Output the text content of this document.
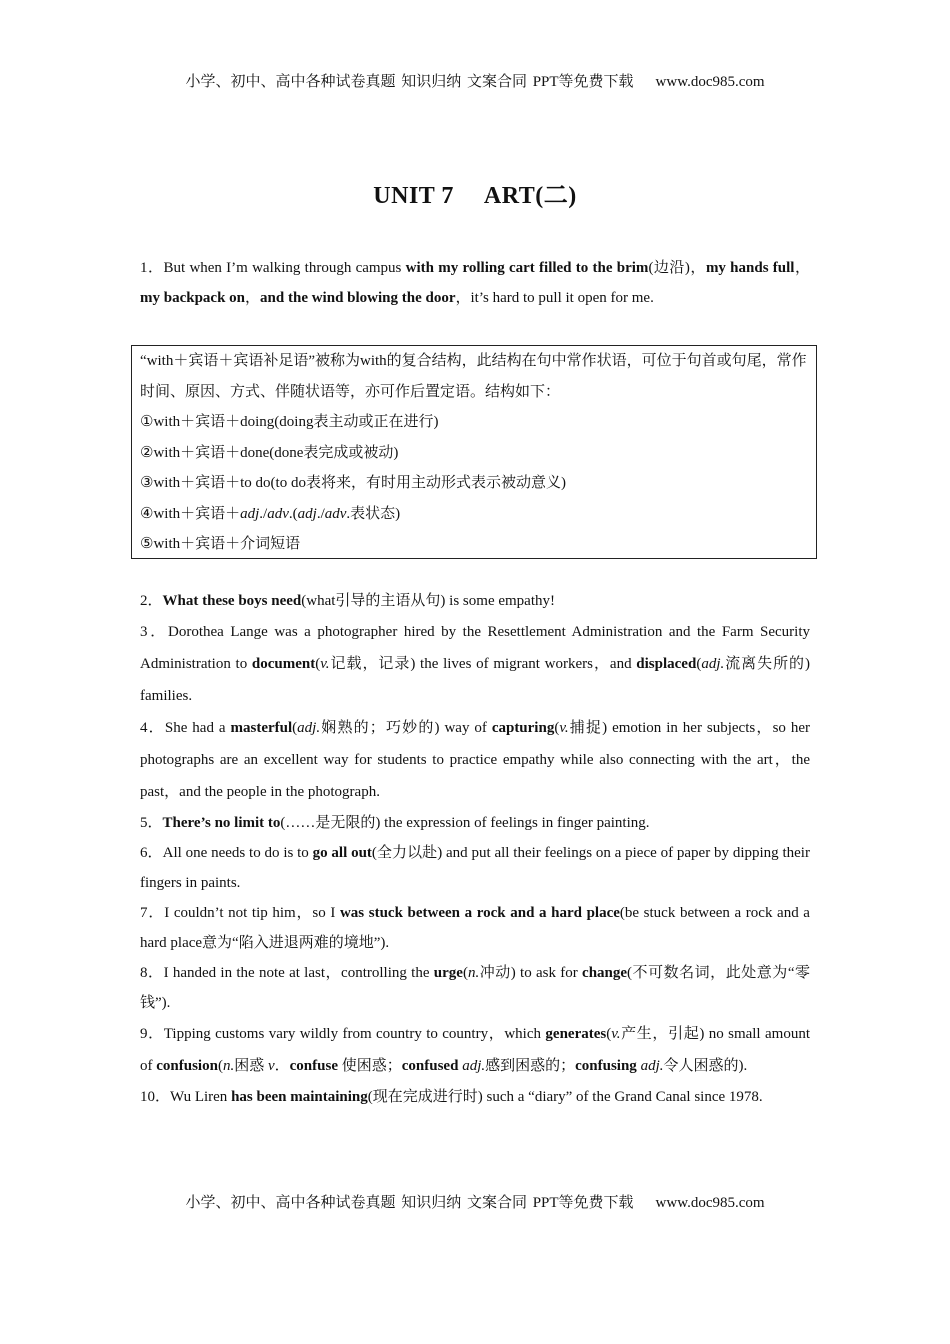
小学、初中、高中各种试卷真题 知识归纳 文案合同 PPT等免费下载 www.doc985.com
UNIT 7 ART(二)

1．But when I’m walking through campus with my rolling cart filled to the brim(边沿)，my hands full，my backpack on，and the wind blowing the door，it’s hard to pull it open for me.

“with＋宾语＋宾语补足语”被称为with的复合结构，此结构在句中常作状语，可位于句首或句尾，常作时间、原因、方式、伴随状语等，亦可作后置定语。结构如下：

①with＋宾语＋doing(doing表主动或正在进行)

②with＋宾语＋done(done表完成或被动)

③with＋宾语＋to do(to do表将来，有时用主动形式表示被动意义)

④with＋宾语＋adj./adv.(adj./adv.表状态)

⑤with＋宾语＋介词短语

2．What these boys need(what引导的主语从句) is some empathy!

3．Dorothea Lange was a photographer hired by the Resettlement Administration and the Farm Security Administration to document(v.记载，记录) the lives of migrant workers，and displaced(adj.流离失所的) families.

4．She had a masterful(adj.娴熟的；巧妙的) way of capturing(v.捕捉) emotion in her subjects，so her photographs are an excellent way for students to practice empathy while also connecting with the art，the past，and the people in the photograph.

5．There’s no limit to(……是无限的) the expression of feelings in finger painting.

6．All one needs to do is to go all out(全力以赴) and put all their feelings on a piece of paper by dipping their fingers in paints.

7．I couldn’t not tip him，so I was stuck between a rock and a hard place(be stuck between a rock and a hard place意为“陷入进退两难的境地”).

8．I handed in the note at last，controlling the urge(n.冲动) to ask for change(不可数名词，此处意为“零钱”).

9．Tipping customs vary wildly from country to country，which generates(v.产生，引起) no small amount of confusion(n.困惑 v．confuse 使困惑；confused adj.感到困惑的；confusing adj.令人困惑的).

10．Wu Liren has been maintaining(现在完成进行时) such a “diary” of the Grand Canal since 1978.

小学、初中、高中各种试卷真题 知识归纳 文案合同 PPT等免费下载 www.doc985.com
